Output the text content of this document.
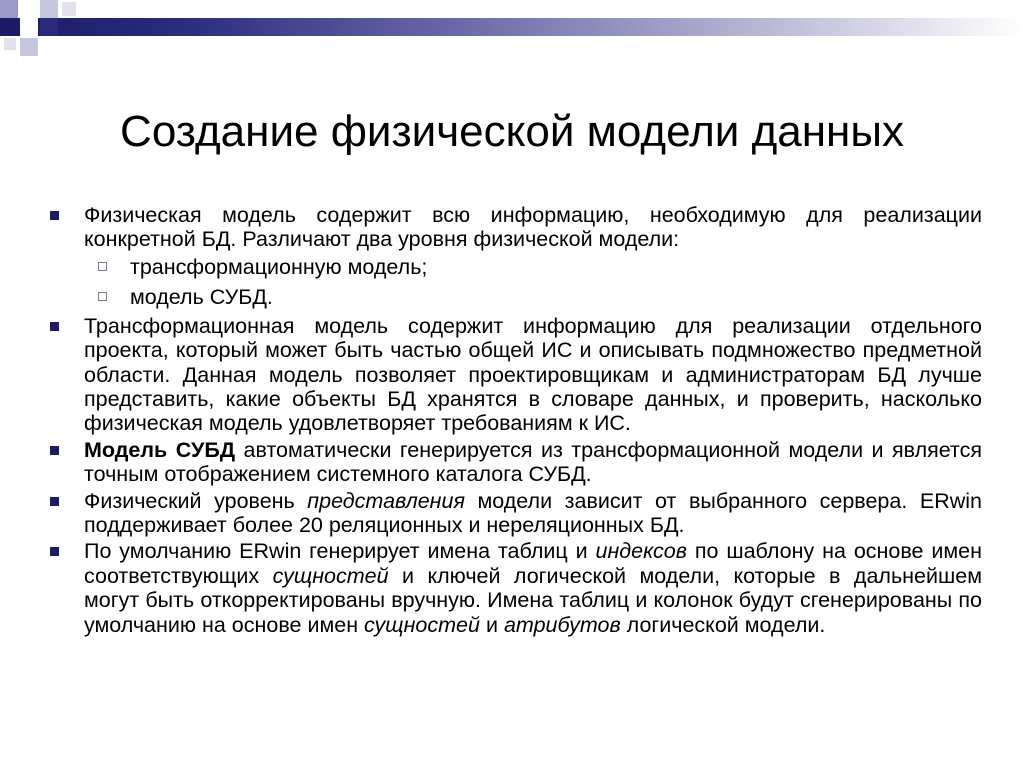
Создание физической модели данных
Физическая модель содержит всю информацию, необходимую для реализации конкретной БД. Различают два уровня физической модели:
трансформационную модель;
модель СУБД.
Трансформационная модель содержит информацию для реализации отдельного проекта, который может быть частью общей ИС и описывать подмножество предметной области. Данная модель позволяет проектировщикам и администраторам БД лучше представить, какие объекты БД хранятся в словаре данных, и проверить, насколько физическая модель удовлетворяет требованиям к ИС.
Модель СУБД автоматически генерируется из трансформационной модели и является точным отображением системного каталога СУБД.
Физический уровень представления модели зависит от выбранного сервера. ERwin поддерживает более 20 реляционных и нереляционных БД.
По умолчанию ERwin генерирует имена таблиц и индексов по шаблону на основе имен соответствующих сущностей и ключей логической модели, которые в дальнейшем могут быть откорректированы вручную. Имена таблиц и колонок будут сгенерированы по умолчанию на основе имен сущностей и атрибутов логической модели.
